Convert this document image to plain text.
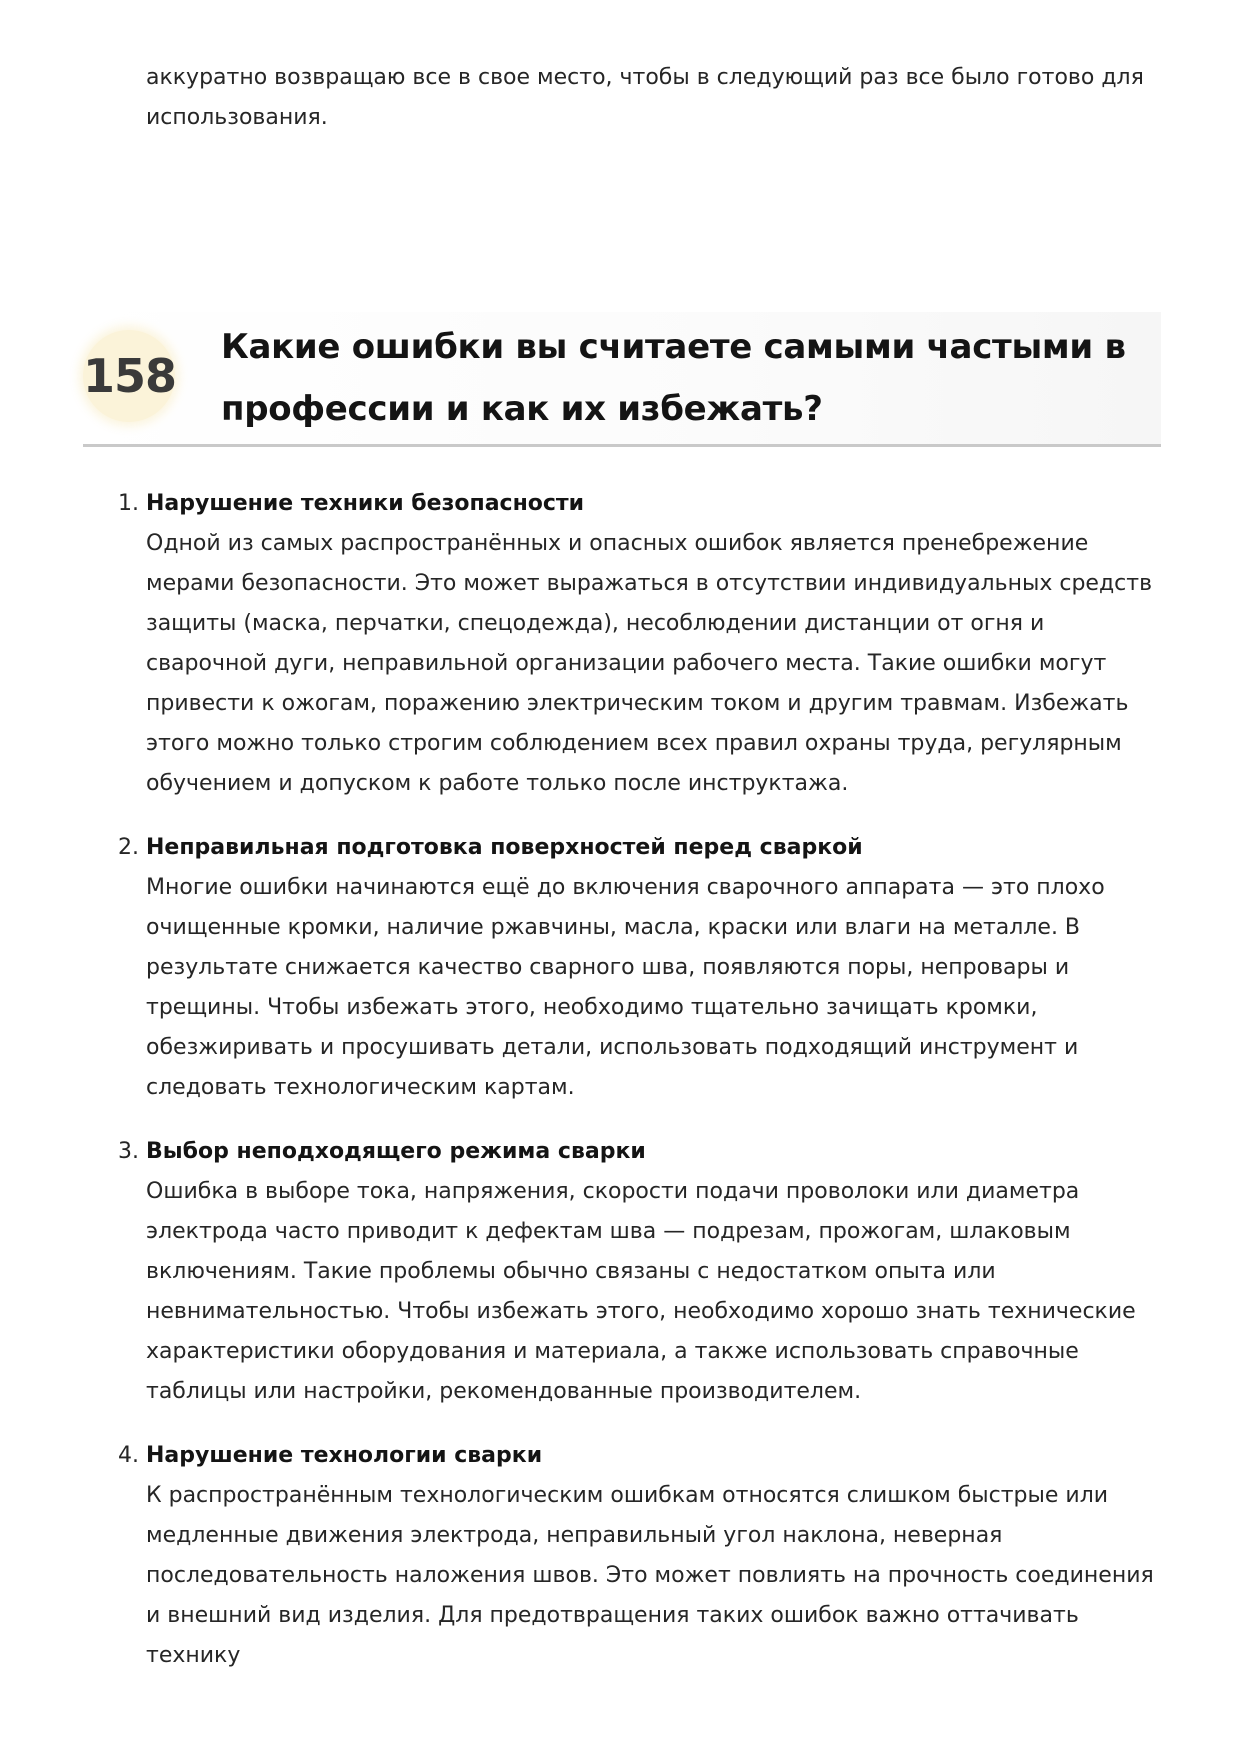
аккуратно возвращаю все в свое место, чтобы в следующий раз все было готово для использования.

158
Какие ошибки вы считаете самыми частыми в профессии и как их избежать?
1. Нарушение техники безопасности
Одной из самых распространённых и опасных ошибок является пренебрежение мерами безопасности. Это может выражаться в отсутствии индивидуальных средств защиты (маска, перчатки, спецодежда), несоблюдении дистанции от огня и сварочной дуги, неправильной организации рабочего места. Такие ошибки могут привести к ожогам, поражению электрическим током и другим травмам. Избежать этого можно только строгим соблюдением всех правил охраны труда, регулярным обучением и допуском к работе только после инструктажа.
2. Неправильная подготовка поверхностей перед сваркой
Многие ошибки начинаются ещё до включения сварочного аппарата — это плохо очищенные кромки, наличие ржавчины, масла, краски или влаги на металле. В результате снижается качество сварного шва, появляются поры, непровары и трещины. Чтобы избежать этого, необходимо тщательно зачищать кромки, обезжиривать и просушивать детали, использовать подходящий инструмент и следовать технологическим картам.
3. Выбор неподходящего режима сварки
Ошибка в выборе тока, напряжения, скорости подачи проволоки или диаметра электрода часто приводит к дефектам шва — подрезам, прожогам, шлаковым включениям. Такие проблемы обычно связаны с недостатком опыта или невнимательностью. Чтобы избежать этого, необходимо хорошо знать технические характеристики оборудования и материала, а также использовать справочные таблицы или настройки, рекомендованные производителем.
4. Нарушение технологии сварки
К распространённым технологическим ошибкам относятся слишком быстрые или медленные движения электрода, неправильный угол наклона, неверная последовательность наложения швов. Это может повлиять на прочность соединения и внешний вид изделия. Для предотвращения таких ошибок важно оттачивать технику
